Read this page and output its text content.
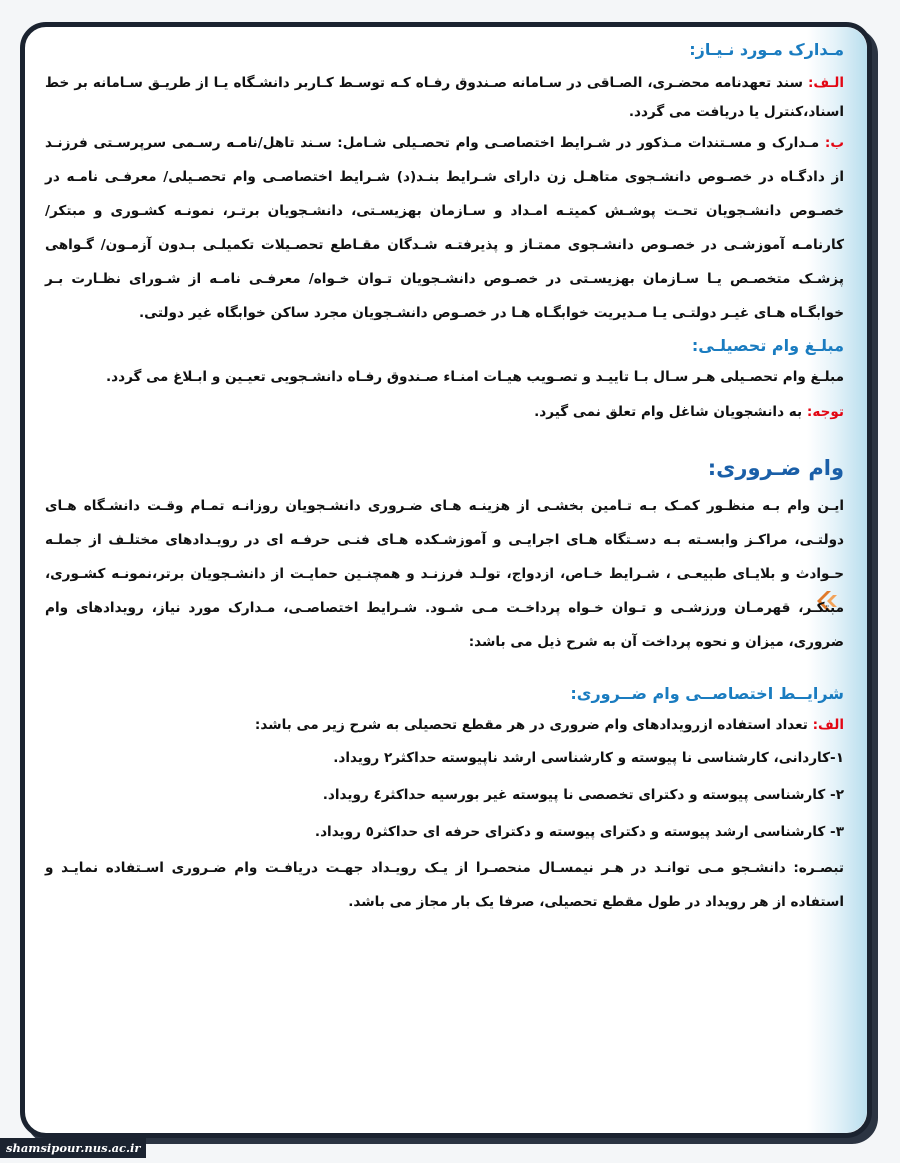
مـدارک مـورد نـیـاز:

الـف: سند تعهدنامه محضـری، الصـاقی در سـامانه صـندوق رفـاه کـه توسـط کـاربر دانشـگاه یـا از طریـق سـامانه بر خط اسناد،کنترل یا دریافت می گردد.

ب: مـدارک و مسـتندات مـذکور در شـرایط اختصاصـی وام تحصـیلی شـامل: سـند تاهل/نامـه رسـمی سرپرسـتی فرزنـد از دادگـاه در خصـوص دانشـجوی متاهـل زن دارای شـرایط بنـد(د) شـرایط اختصاصـی وام تحصـیلی/ معرفـی نامـه در خصـوص دانشـجویان تحـت پوشـش کمیتـه امـداد و سـازمان بهزیسـتی، دانشـجویان برتـر، نمونـه کشـوری و مبتکر/کارنامـه آموزشـی در خصـوص دانشـجوی ممتـاز و پذیرفتـه شـدگان مقـاطع تحصـیلات تکمیلـی بـدون آزمـون/ گـواهی پزشـک متخصـص یـا سـازمان بهزیسـتی در خصـوص دانشـجویان تـوان خـواه/ معرفـی نامـه از شـورای نظـارت بـر خوابگـاه هـای غیـر دولتـی یـا مـدیریت خوابگـاه هـا در خصـوص دانشـجویان مجرد ساکن خوابگاه غیر دولتی.

مبلـغ وام تحصیلـی:

مبلـغ وام تحصـیلی هـر سـال بـا تاییـد و تصـویب هیـات امنـاء صـندوق رفـاه دانشـجویی تعیـین و ابـلاغ می گردد.

توجه: به دانشجویان شاغل وام تعلق نمی گیرد.

وام ضـروری:

ایـن وام بـه منظـور کمـک بـه تـامین بخشـی از هزینـه هـای ضـروری دانشـجویان روزانـه تمـام وقـت دانشـگاه هـای دولتـی، مراکـز وابسـته بـه دسـتگاه هـای اجرایـی و آموزشـکده هـای فنـی حرفـه ای در رویـدادهای مختلـف از جملـه حـوادث و بلایـای طبیعـی ، شـرایط خـاص، ازدواج، تولـد فرزنـد و همچنـین حمایـت از دانشـجویان برتر،نمونـه کشـوری، مبتکـر، قهرمـان ورزشـی و تـوان خـواه پرداخـت مـی شـود. شـرایط اختصاصـی، مـدارک مورد نیاز، رویدادهای وام ضروری، میزان و نحوه پرداخت آن به شرح ذیل می باشد:

شرایــط اختصاصــی وام ضــروری:

الف: تعداد استفاده ازرویدادهای وام ضروری در هر مقطع تحصیلی به شرح زیر می باشد:

۱-کاردانی، کارشناسی نا پیوسته و کارشناسی ارشد ناپیوسته حداکثر۲ رویداد.

۲- کارشناسی پیوسته و دکترای تخصصی نا پیوسته غیر بورسیه حداکثر٤ رویداد.

۳- کارشناسی ارشد پیوسته و دکترای پیوسته و دکترای حرفه ای حداکثر٥ رویداد.

تبصـره: دانشـجو مـی توانـد در هـر نیمسـال منحصـرا از یـک رویـداد جهـت دریافـت وام ضـروری اسـتفاده نمایـد و استفاده از هر رویداد در طول مقطع تحصیلی، صرفا یک بار مجاز می باشد.

shamsipour.nus.ac.ir
